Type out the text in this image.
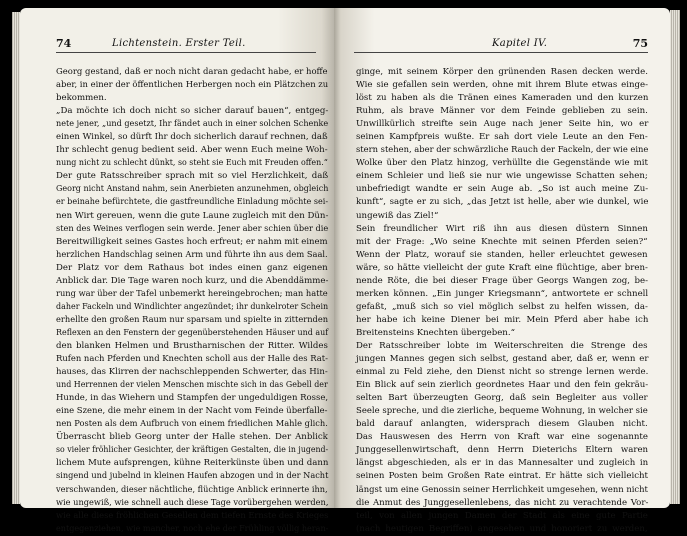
74	Lichtenstein. Erster Teil.
Georg gestand, daß er noch nicht daran gedacht habe, er hoffe
aber, in einer der öffentlichen Herbergen noch ein Plätzchen zu
bekommen.
„Da möchte ich doch nicht so sicher darauf bauen“, entgeg-
nete jener, „und gesetzt, Ihr fändet auch in einer solchen Schenke
einen Winkel, so dürft Ihr doch sicherlich darauf rechnen, daß
Ihr schlecht genug bedient seid. Aber wenn Euch meine Woh-
nung nicht zu schlecht dünkt, so steht sie Euch mit Freuden offen.“
Der gute Ratsschreiber sprach mit so viel Herzlichkeit, daß
Georg nicht Anstand nahm, sein Anerbieten anzunehmen, obgleich
er beinahe befürchtete, die gastfreundliche Einladung möchte sei-
nen Wirt gereuen, wenn die gute Laune zugleich mit den Dün-
sten des Weines verflogen sein werde. Jener aber schien über die
Bereitwilligkeit seines Gastes hoch erfreut; er nahm mit einem
herzlichen Handschlag seinen Arm und führte ihn aus dem Saal.
Der Platz vor dem Rathaus bot indes einen ganz eigenen
Anblick dar. Die Tage waren noch kurz, und die Abenddämme-
rung war über der Tafel unbemerkt hereingebrochen; man hatte
daher Fackeln und Windlichter angezündet; ihr dunkelroter Schein
erhellte den großen Raum nur sparsam und spielte in zitternden
Reflexen an den Fenstern der gegenüberstehenden Häuser und auf
den blanken Helmen und Brustharnischen der Ritter. Wildes
Rufen nach Pferden und Knechten scholl aus der Halle des Rat-
hauses, das Klirren der nachschleppenden Schwerter, das Hin-
und Herrennen der vielen Menschen mischte sich in das Gebell der
Hunde, in das Wiehern und Stampfen der ungeduldigen Rosse,
eine Szene, die mehr einem in der Nacht vom Feinde überfalle-
nen Posten als dem Aufbruch von einem friedlichen Mahle glich.
Überrascht blieb Georg unter der Halle stehen. Der Anblick
so vieler fröhlicher Gesichter, der kräftigen Gestalten, die in jugend-
lichem Mute aufsprengen, kühne Reiterkünste üben und dann
singend und jubelnd in kleinen Haufen abzogen und in der Nacht
verschwanden, dieser nächtliche, flüchtige Anblick erinnerte ihn,
wie ungewiß, wie schnell auch diese Tage vorübergehen werden,
wie alle diese fröhlichen Gesellen dem tiefen Ernste des Krieges
entgegenziehen, wie mancher, noch ehe der Frühling völlig heran-
Kapitel IV.	75
ginge, mit seinem Körper den grünenden Rasen decken werde.
Wie sie gefallen sein werden, ohne mit ihrem Blute etwas einge-
löst zu haben als die Tränen eines Kameraden und den kurzen
Ruhm, als brave Männer vor dem Feinde geblieben zu sein.
Unwillkürlich streifte sein Auge nach jener Seite hin, wo er
seinen Kampfpreis wußte. Er sah dort viele Leute an den Fen-
stern stehen, aber der schwärzliche Rauch der Fackeln, der wie eine
Wolke über den Platz hinzog, verhüllte die Gegenstände wie mit
einem Schleier und ließ sie nur wie ungewisse Schatten sehen;
unbefriedigt wandte er sein Auge ab. „So ist auch meine Zu-
kunft“, sagte er zu sich, „das Jetzt ist helle, aber wie dunkel, wie
ungewiß das Ziel!“
Sein freundlicher Wirt riß ihn aus diesen düstern Sinnen
mit der Frage: „Wo seine Knechte mit seinen Pferden seien?“
Wenn der Platz, worauf sie standen, heller erleuchtet gewesen
wäre, so hätte vielleicht der gute Kraft eine flüchtige, aber bren-
nende Röte, die bei dieser Frage über Georgs Wangen zog, be-
merken können. „Ein junger Kriegsmann“, antwortete er schnell
gefaßt, „muß sich so viel möglich selbst zu helfen wissen, da-
her habe ich keine Diener bei mir. Mein Pferd aber habe ich
Breitensteins Knechten übergeben.“
Der Ratsschreiber lobte im Weiterschreiten die Strenge des
jungen Mannes gegen sich selbst, gestand aber, daß er, wenn er
einmal zu Feld ziehe, den Dienst nicht so strenge lernen werde.
Ein Blick auf sein zierlich geordnetes Haar und den fein gekräu-
selten Bart überzeugten Georg, daß sein Begleiter aus voller
Seele spreche, und die zierliche, bequeme Wohnung, in welcher sie
bald darauf anlangten, widersprach diesem Glauben nicht.
Das Hauswesen des Herrn von Kraft war eine sogenannte
Junggesellenwirtschaft, denn Herrn Dieterichs Eltern waren
längst abgeschieden, als er in das Mannesalter und zugleich in
seinen Posten beim Großen Rate eintrat. Er hätte sich vielleicht
längst um eine Genossin seiner Herrlichkeit umgesehen, wenn nicht
die Anmut des Junggesellenlebens, das nicht zu verachtende Vor-
teil, von allen jungen Damen der Stadt als eine gute Partie
(nach heutigen Begriffen) angesehen und honoriert zu werden,
